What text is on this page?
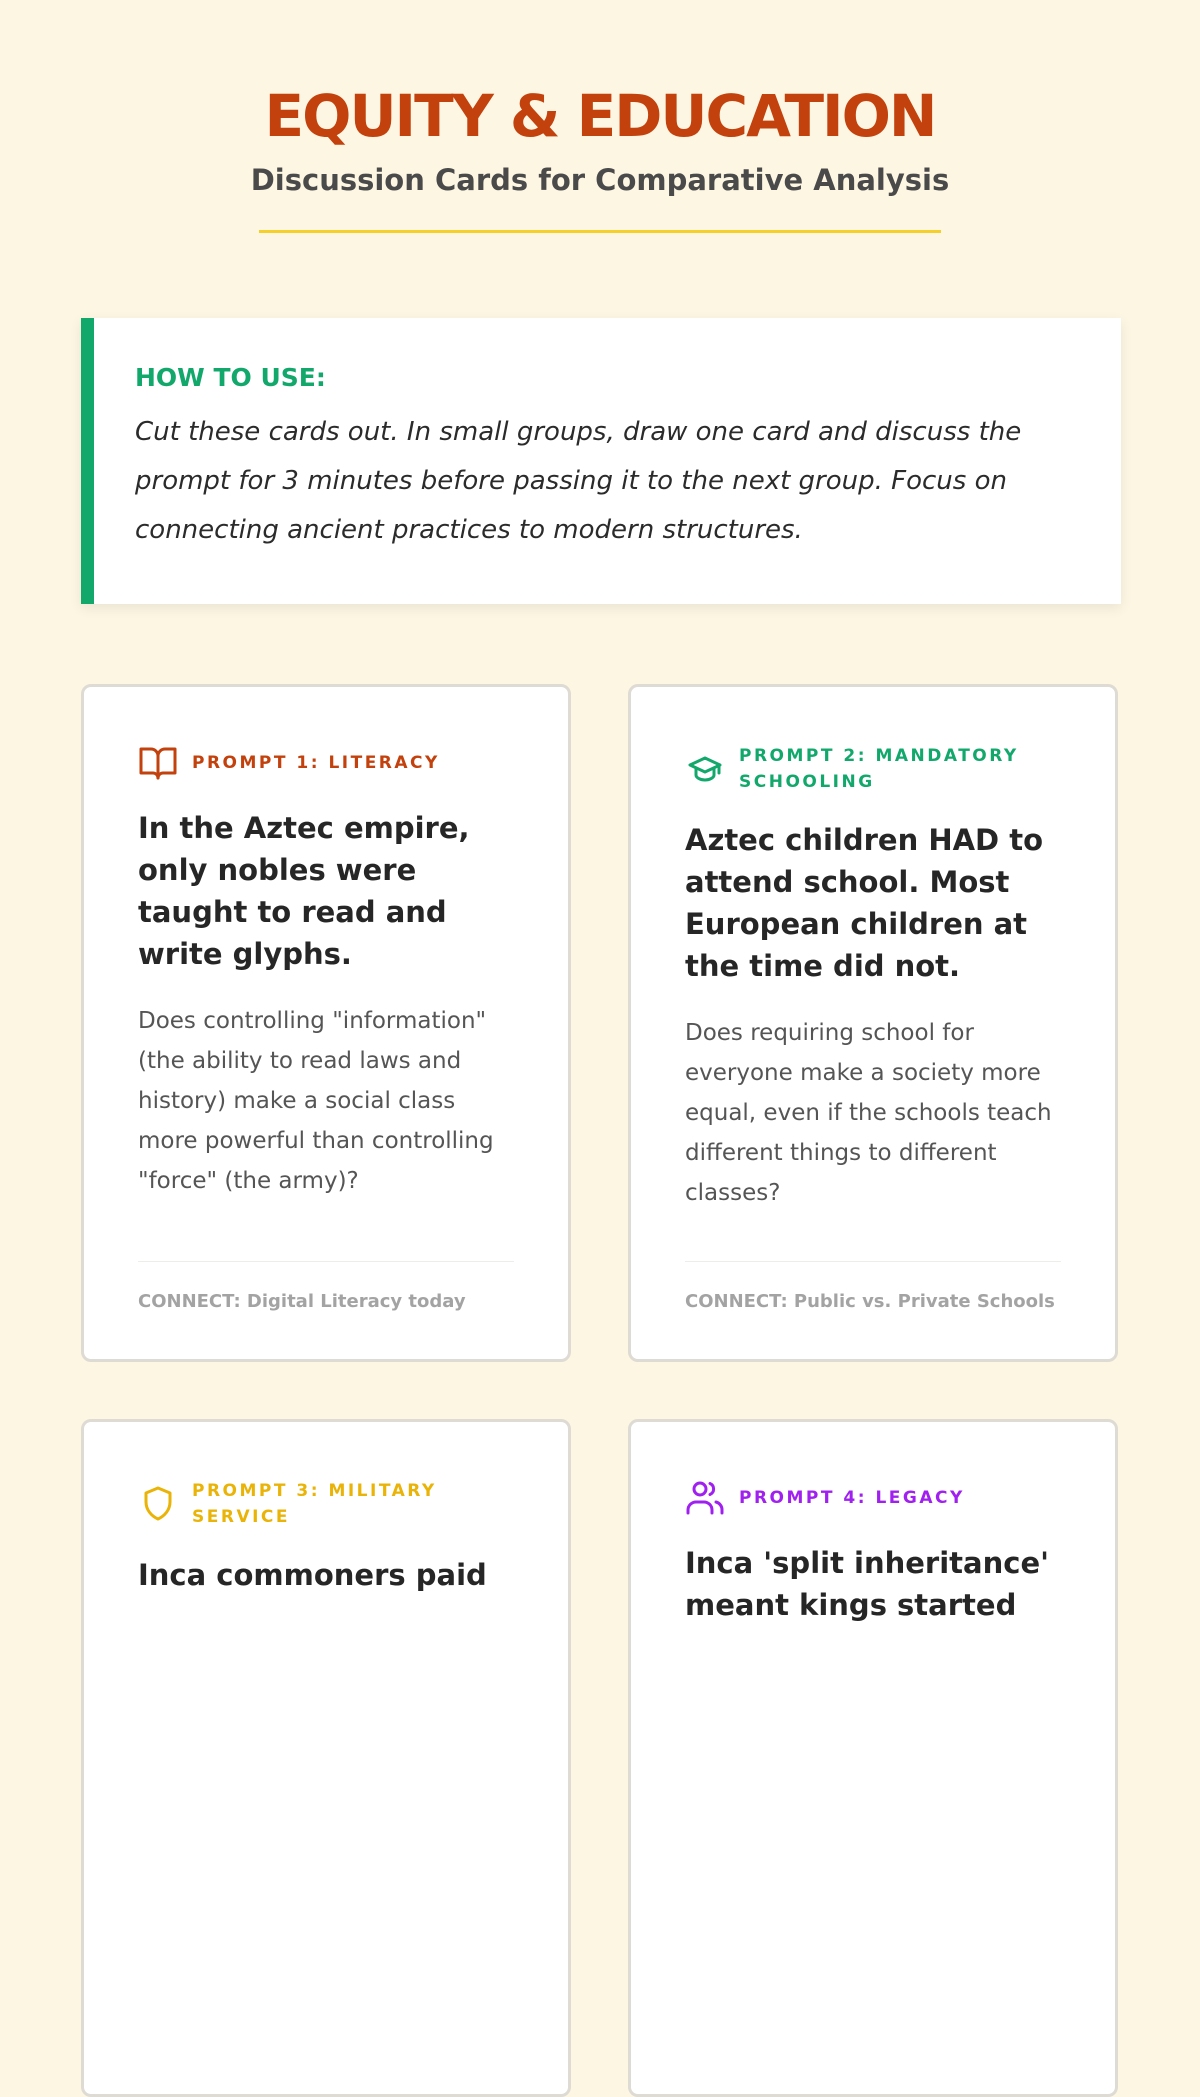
EQUITY & EDUCATION

Discussion Cards for Comparative Analysis

HOW TO USE:

Cut these cards out. In small groups, draw one card and discuss the prompt for 3 minutes before passing it to the next group. Focus on connecting ancient practices to modern structures.

PROMPT 1: LITERACY

In the Aztec empire, only nobles were taught to read and write glyphs.

Does controlling "information" (the ability to read laws and history) make a social class more powerful than controlling "force" (the army)?

CONNECT: Digital Literacy today
PROMPT 2: MANDATORY SCHOOLING

Aztec children HAD to attend school. Most European children at the time did not.

Does requiring school for everyone make a society more equal, even if the schools teach different things to different classes?

CONNECT: Public vs. Private Schools
PROMPT 3: MILITARY SERVICE

Inca commoners paid

PROMPT 4: LEGACY

Inca 'split inheritance' meant kings started
